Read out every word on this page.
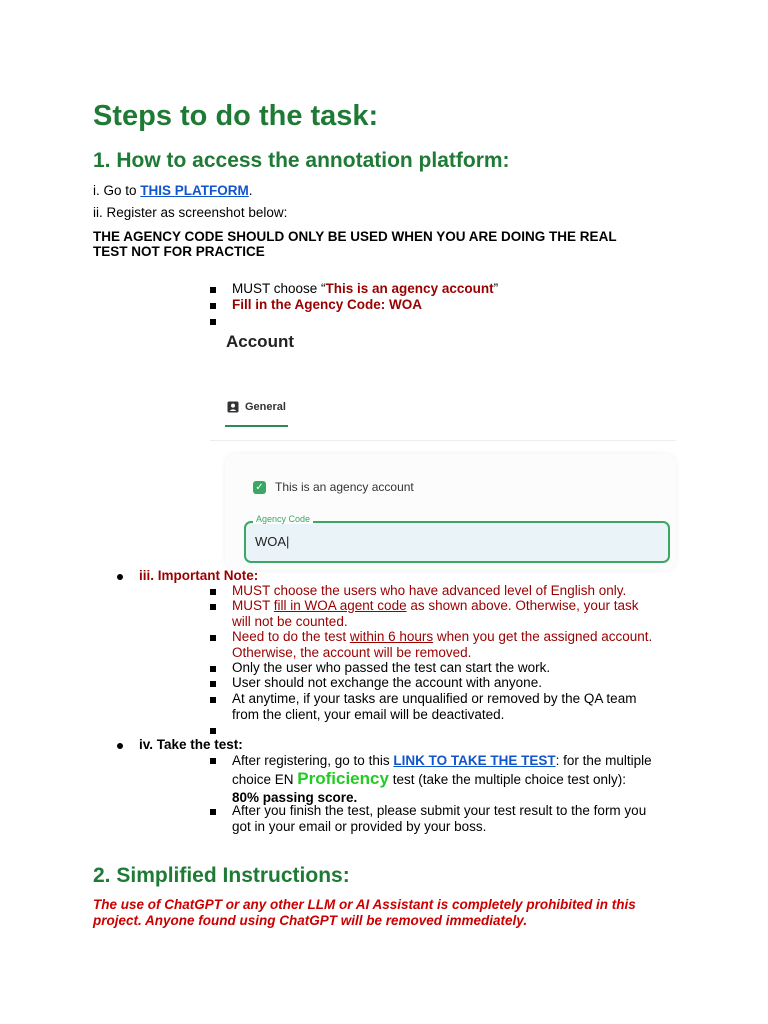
Steps to do the task:
1. How to access the annotation platform:
i. Go to THIS PLATFORM.
ii. Register as screenshot below:
THE AGENCY CODE SHOULD ONLY BE USED WHEN YOU ARE DOING THE REAL
TEST NOT FOR PRACTICE
MUST choose “This is an agency account”
Fill in the Agency Code: WOA
Account
General
✓ This is an agency account
Agency Code
WOA|
iii. Important Note:
MUST choose the users who have advanced level of English only.
MUST fill in WOA agent code as shown above. Otherwise, your task
will not be counted.
Need to do the test within 6 hours when you get the assigned account.
Otherwise, the account will be removed.
Only the user who passed the test can start the work.
User should not exchange the account with anyone.
At anytime, if your tasks are unqualified or removed by the QA team
from the client, your email will be deactivated.
iv. Take the test:
After registering, go to this LINK TO TAKE THE TEST: for the multiple
choice EN Proficiency test (take the multiple choice test only):
80% passing score.
After you finish the test, please submit your test result to the form you
got in your email or provided by your boss.
2. Simplified Instructions:
The use of ChatGPT or any other LLM or AI Assistant is completely prohibited in this
project. Anyone found using ChatGPT will be removed immediately.
